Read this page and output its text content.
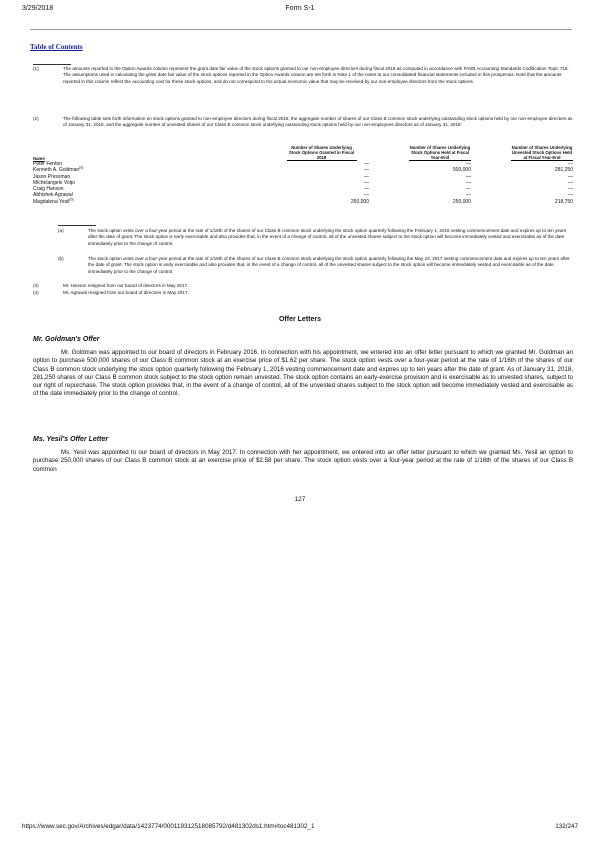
3/29/2018	Form S-1
Table of Contents
(1)	The amounts reported in the Option Awards column represent the grant date fair value of the stock options granted to our non-employee directors during fiscal 2018 as computed in accordance with FASB Accounting Standards Codification Topic 718. The assumptions used in calculating the grant date fair value of the stock options reported in the Option Awards column are set forth in Note 1 of the notes to our consolidated financial statements included in this prospectus. Note that the amounts reported in this column reflect the accounting cost for these stock options, and do not correspond to the actual economic value that may be received by our non-employee directors from the stock options.
(2)	The following table sets forth information on stock options granted to non-employee directors during fiscal 2018, the aggregate number of shares of our Class B common stock underlying outstanding stock options held by our non-employee directors as of January 31, 2018, and the aggregate number of unvested shares of our Class B common stock underlying outstanding stock options held by our non-employees directors as of January 31, 2018:
Name	Number of Shares Underlying Stock Options Granted in Fiscal 2018	Number of Shares Underlying Stock Options Held at Fiscal Year-End	Number of Shares Underlying Unvested Stock Options Held at Fiscal Year-End
Peter Fenton	—	—	—
Kenneth A. Goldman$^{(a)}$	—	500,000	281,250
Jason Pressman	—	—	—
Michelangelo Volpi	—	—	—
Craig Hanson	—	—	—
Abhishek Agrawal	—	—	—
Magdalena Yesil$^{(b)}$	250,000	250,000	218,750
(a)	The stock option vests over a four-year period at the rate of 1/16th of the shares of our Class B common stock underlying the stock option quarterly following the February 1, 2016 vesting commencement date and expires up to ten years after the date of grant. The stock option is early exercisable and also provides that, in the event of a change of control, all of the unvested shares subject to the stock option will become immediately vested and exercisable as of the date immediately prior to the change of control.
(b)	The stock option vests over a four-year period at the rate of 1/16th of the shares of our Class B common stock underlying the stock option quarterly following the May 23, 2017 vesting commencement date and expires up to ten years after the date of grant. The stock option is early exercisable and also provides that, in the event of a change of control, all of the unvested shares subject to the stock option will become immediately vested and exercisable as of the date immediately prior to the change of control.
(3)	Mr. Hanson resigned from our board of directors in May 2017.
(4)	Mr. Agrawal resigned from our board of directors in May 2017.
Offer Letters
Mr. Goldman's Offer
Mr. Goldman was appointed to our board of directors in February 2016. In connection with his appointment, we entered into an offer letter pursuant to which we granted Mr. Goldman an option to purchase 500,000 shares of our Class B common stock at an exercise price of $1.62 per share. The stock option vests over a four-year period at the rate of 1/16th of the shares of our Class B common stock underlying the stock option quarterly following the February 1, 2016 vesting commencement date and expires up to ten years after the date of grant. As of January 31, 2018, 281,250 shares of our Class B common stock subject to the stock option remain unvested. The stock option contains an early-exercise provision and is exercisable as to unvested shares, subject to our right of repurchase. The stock option provides that, in the event of a change of control, all of the unvested shares subject to the stock option will become immediately vested and exercisable as of the date immediately prior to the change of control.
Ms. Yesil's Offer Letter
Ms. Yesil was appointed to our board of directors in May 2017. In connection with her appointment, we entered into an offer letter pursuant to which we granted Ms. Yesil an option to purchase 250,000 shares of our Class B common stock at an exercise price of $2.58 per share. The stock option vests over a four-year period at the rate of 1/16th of the shares of our Class B common
127
https://www.sec.gov/Archives/edgar/data/1423774/000119312518085792/d481302ds1.htm#toc481302_1	132/247
